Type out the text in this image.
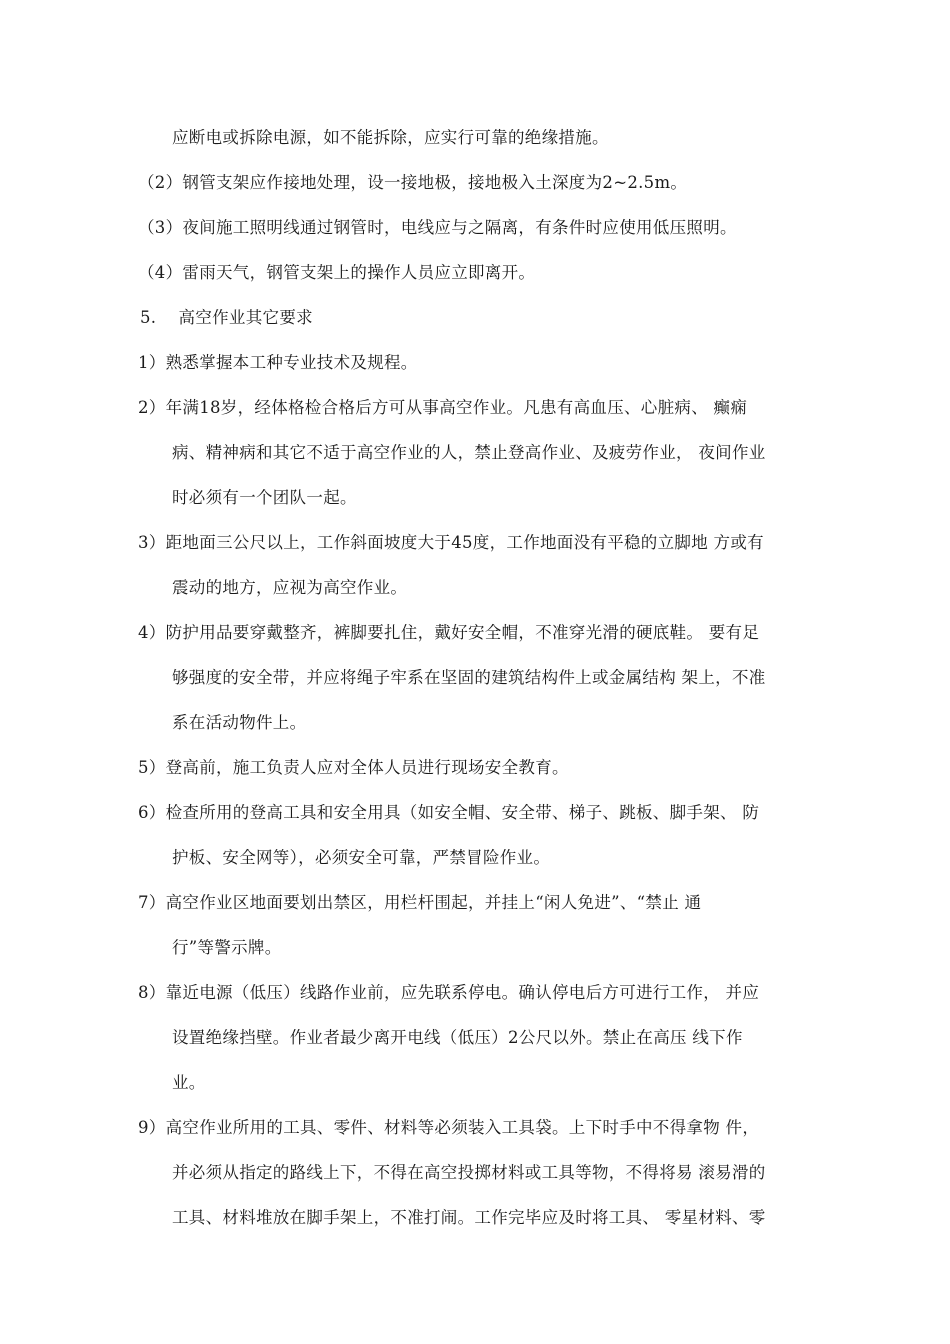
应断电或拆除电源，如不能拆除，应实行可靠的绝缘措施。
（2）钢管支架应作接地处理，设一接地极，接地极入土深度为2~2.5m。
（3）夜间施工照明线通过钢管时，电线应与之隔离，有条件时应使用低压照明。
（4）雷雨天气，钢管支架上的操作人员应立即离开。
5.    高空作业其它要求
1）熟悉掌握本工种专业技术及规程。
2）年满18岁，经体格检合格后方可从事高空作业。凡患有高血压、心脏病、 癫痫
病、精神病和其它不适于高空作业的人，禁止登高作业、及疲劳作业， 夜间作业
时必须有一个团队一起。
3）距地面三公尺以上，工作斜面坡度大于45度，工作地面没有平稳的立脚地 方或有
震动的地方，应视为高空作业。
4）防护用品要穿戴整齐，裤脚要扎住，戴好安全帽，不准穿光滑的硬底鞋。 要有足
够强度的安全带，并应将绳子牢系在坚固的建筑结构件上或金属结构 架上，不准
系在活动物件上。
5）登高前，施工负责人应对全体人员进行现场安全教育。
6）检查所用的登高工具和安全用具（如安全帽、安全带、梯子、跳板、脚手架、 防
护板、安全网等），必须安全可靠，严禁冒险作业。
7）高空作业区地面要划出禁区，用栏杆围起，并挂上“闲人免进”、“禁止 通
行”等警示牌。
8）靠近电源（低压）线路作业前，应先联系停电。确认停电后方可进行工作， 并应
设置绝缘挡壁。作业者最少离开电线（低压）2公尺以外。禁止在高压 线下作
业。
9）高空作业所用的工具、零件、材料等必须装入工具袋。上下时手中不得拿物 件，
并必须从指定的路线上下，不得在高空投掷材料或工具等物，不得将易 滚易滑的
工具、材料堆放在脚手架上，不准打闹。工作完毕应及时将工具、 零星材料、零
